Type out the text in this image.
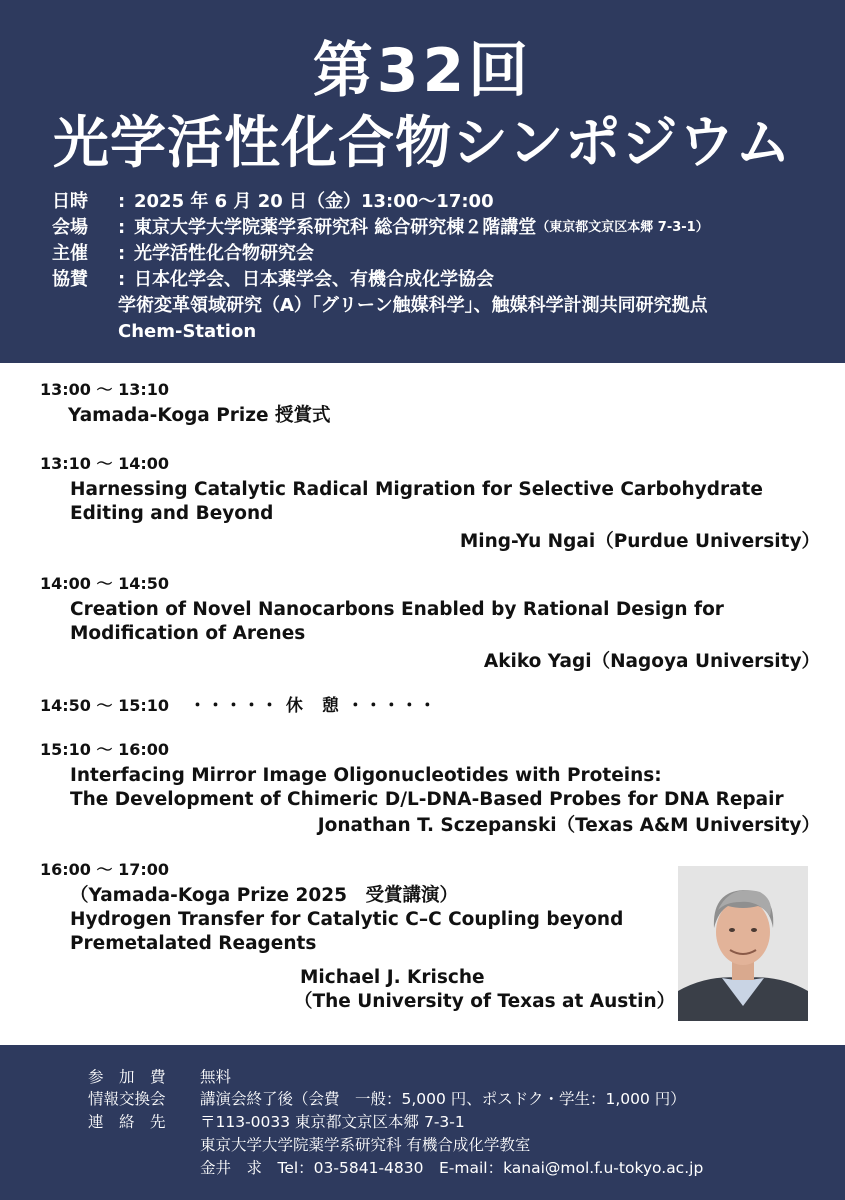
第32回
光学活性化合物シンポジウム
日時	: 2025 年 6 月 20 日（金）13:00〜17:00
会場	: 東京大学大学院薬学系研究科 総合研究棟２階講堂 （東京都文京区本郷 7-3-1）
主催	: 光学活性化合物研究会
協賛	: 日本化学会、日本薬学会、有機合成化学協会
学術変革領域研究（A）「グリーン触媒科学」、触媒科学計測共同研究拠点
Chem-Station
13:00 〜 13:10
Yamada-Koga Prize 授賞式
13:10 〜 14:00
Harnessing Catalytic Radical Migration for Selective Carbohydrate
Editing and Beyond
Ming-Yu Ngai（Purdue University）
14:00 〜 14:50
Creation of Novel Nanocarbons Enabled by Rational Design for
Modification of Arenes
Akiko Yagi（Nagoya University）
14:50 〜 15:10 ・・・・・ 休　憩 ・・・・・
15:10 〜 16:00
Interfacing Mirror Image Oligonucleotides with Proteins:
The Development of Chimeric D/L-DNA-Based Probes for DNA Repair
Jonathan T. Sczepanski（Texas A&M University）
16:00 〜 17:00
（Yamada-Koga Prize 2025　受賞講演）
Hydrogen Transfer for Catalytic C–C Coupling beyond
Premetalated Reagents
Michael J. Krische
（The University of Texas at Austin）
参　加　費	無料
情報交換会	講演会終了後（会費　一般：5,000 円、ポスドク・学生：1,000 円）
連　絡　先	〒113-0033 東京都文京区本郷 7-3-1
東京大学大学院薬学系研究科 有機合成化学教室
金井　求　Tel：03-5841-4830　E-mail：kanai@mol.f.u-tokyo.ac.jp
